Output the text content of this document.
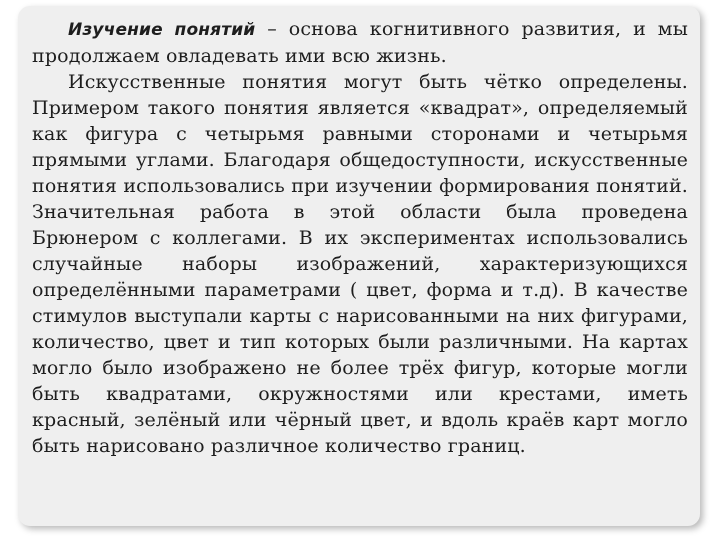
Изучение понятий – основа когнитивного развития, и мы продолжаем овладевать ими всю жизнь.

Искусственные понятия могут быть чётко определены. Примером такого понятия является «квадрат», определяемый как фигура с четырьмя равными сторонами и четырьмя прямыми углами. Благодаря общедоступности, искусственные понятия использовались при изучении формирования понятий. Значительная работа в этой области была проведена Брюнером с коллегами. В их экспериментах использовались случайные наборы изображений, характеризующихся определёнными параметрами ( цвет, форма и т.д). В качестве стимулов выступали карты с нарисованными на них фигурами, количество, цвет и тип которых были различными. На картах могло было изображено не более трёх фигур, которые могли быть квадратами, окружностями или крестами, иметь красный, зелёный или чёрный цвет, и вдоль краёв карт могло быть нарисовано различное количество границ.
